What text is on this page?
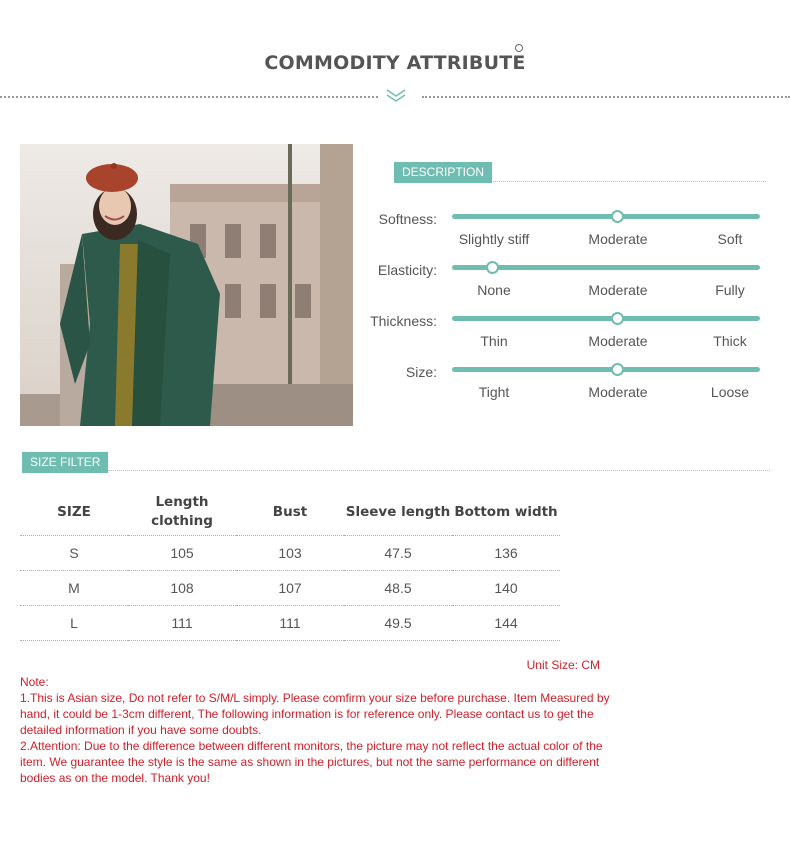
COMMODITY ATTRIBUTE
DESCRIPTION
Softness:
Slightly stiff	Moderate	Soft
Elasticity:
None	Moderate	Fully
Thickness:
Thin	Moderate	Thick
Size:
Tight	Moderate	Loose
SIZE FILTER
SIZE	Length clothing	Bust	Sleeve length	Bottom width
S	105	103	47.5	136
M	108	107	48.5	140
L	111	111	49.5	144
Unit Size: CM

Note:

1.This is Asian size, Do not refer to S/M/L simply. Please comfirm your size before purchase. Item Measured by hand, it could be 1-3cm different, The following information is for reference only. Please contact us to get the detailed information if you have some doubts.

2.Attention: Due to the difference between different monitors, the picture may not reflect the actual color of the item. We guarantee the style is the same as shown in the pictures, but not the same performance on different bodies as on the model. Thank you!
